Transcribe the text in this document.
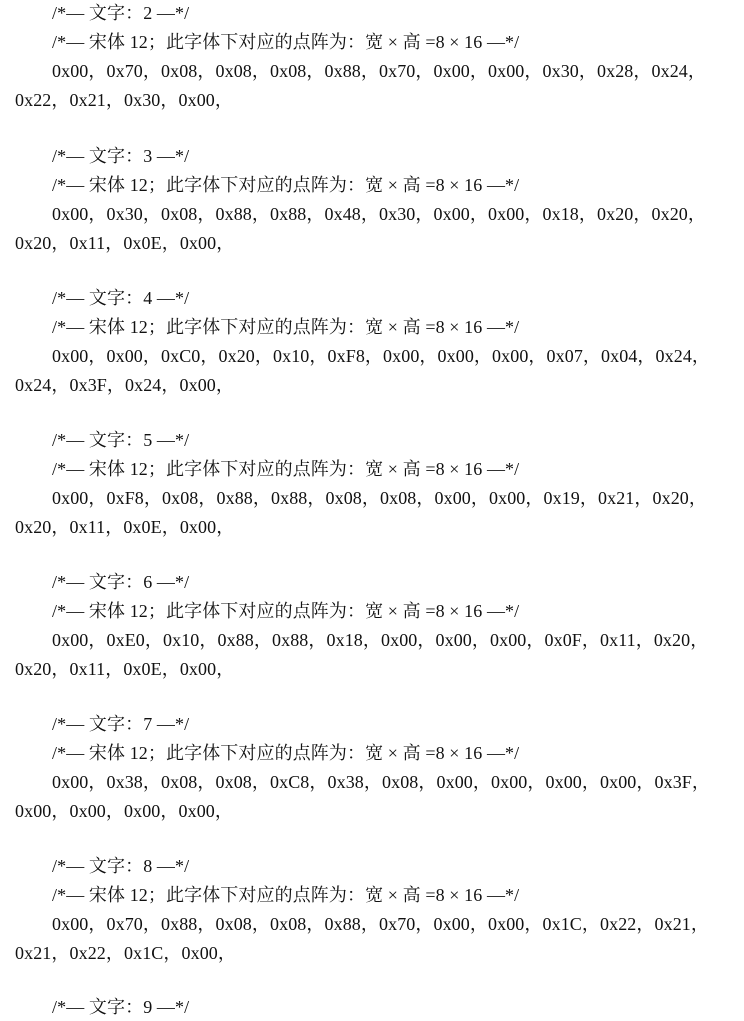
/*— 文字：2 —*/
/*— 宋体 12；此字体下对应的点阵为：宽 × 高 =8 × 16 —*/
0x00，0x70，0x08，0x08，0x08，0x88，0x70，0x00，0x00，0x30，0x28，0x24，
0x22，0x21，0x30，0x00，
/*— 文字：3 —*/
/*— 宋体 12；此字体下对应的点阵为：宽 × 高 =8 × 16 —*/
0x00，0x30，0x08，0x88，0x88，0x48，0x30，0x00，0x00，0x18，0x20，0x20，
0x20，0x11，0x0E，0x00，
/*— 文字：4 —*/
/*— 宋体 12；此字体下对应的点阵为：宽 × 高 =8 × 16 —*/
0x00，0x00，0xC0，0x20，0x10，0xF8，0x00，0x00，0x00，0x07，0x04，0x24，
0x24，0x3F，0x24，0x00，
/*— 文字：5 —*/
/*— 宋体 12；此字体下对应的点阵为：宽 × 高 =8 × 16 —*/
0x00，0xF8，0x08，0x88，0x88，0x08，0x08，0x00，0x00，0x19，0x21，0x20，
0x20，0x11，0x0E，0x00，
/*— 文字：6 —*/
/*— 宋体 12；此字体下对应的点阵为：宽 × 高 =8 × 16 —*/
0x00，0xE0，0x10，0x88，0x88，0x18，0x00，0x00，0x00，0x0F，0x11，0x20，
0x20，0x11，0x0E，0x00，
/*— 文字：7 —*/
/*— 宋体 12；此字体下对应的点阵为：宽 × 高 =8 × 16 —*/
0x00，0x38，0x08，0x08，0xC8，0x38，0x08，0x00，0x00，0x00，0x00，0x3F，
0x00，0x00，0x00，0x00，
/*— 文字：8 —*/
/*— 宋体 12；此字体下对应的点阵为：宽 × 高 =8 × 16 —*/
0x00，0x70，0x88，0x08，0x08，0x88，0x70，0x00，0x00，0x1C，0x22，0x21，
0x21，0x22，0x1C，0x00，
/*— 文字：9 —*/
